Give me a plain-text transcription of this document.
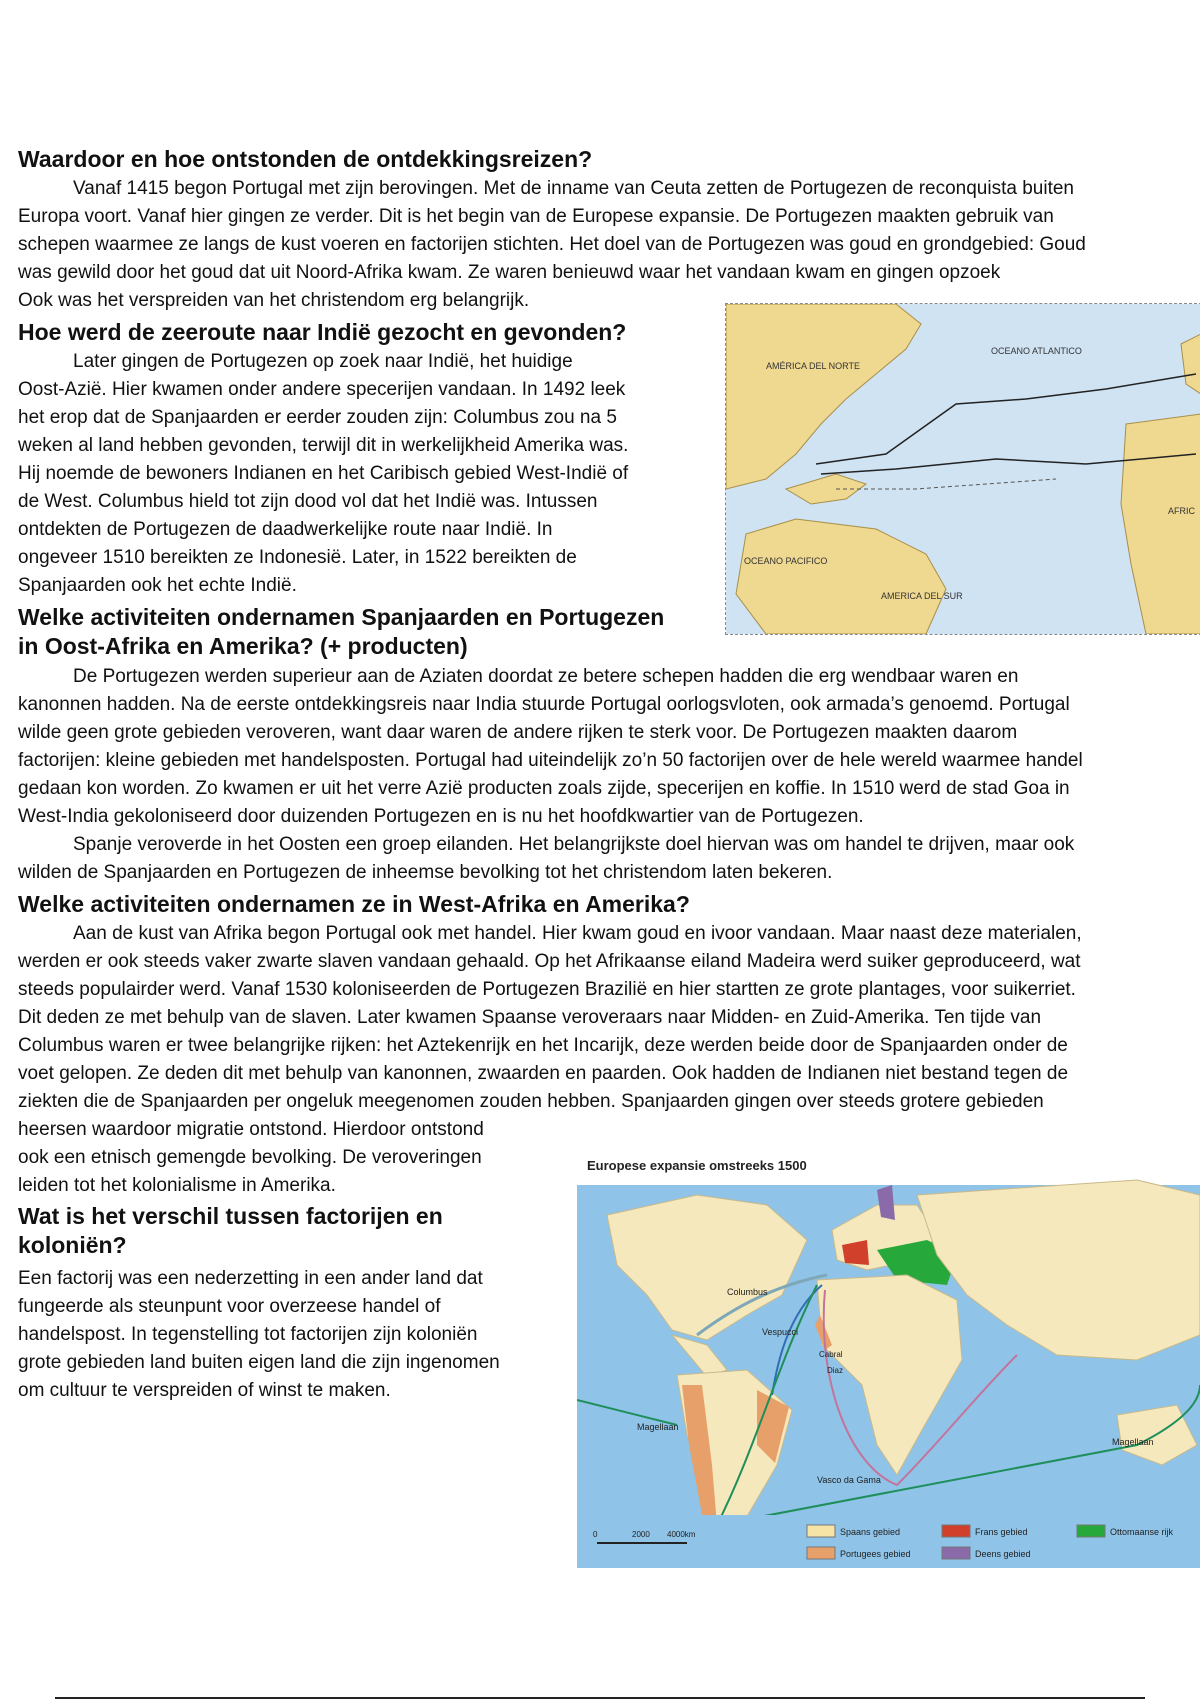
Waardoor en hoe ontstonden de ontdekkingsreizen?
Vanaf 1415 begon Portugal met zijn berovingen. Met de inname van Ceuta zetten de Portugezen de reconquista buiten
Europa voort. Vanaf hier gingen ze verder. Dit is het begin van de Europese expansie. De Portugezen maakten gebruik van
schepen waarmee ze langs de kust voeren en factorijen stichten. Het doel van de Portugezen was goud en grondgebied: Goud
was gewild door het goud dat uit Noord-Afrika kwam. Ze waren benieuwd waar het vandaan kwam en gingen opzoek
Ook was het verspreiden van het christendom erg belangrijk.
Hoe werd de zeeroute naar Indië gezocht en gevonden?
Later gingen de Portugezen op zoek naar Indië, het huidige
Oost-Azië. Hier kwamen onder andere specerijen vandaan. In 1492 leek
het erop dat de Spanjaarden er eerder zouden zijn: Columbus zou na 5
weken al land hebben gevonden, terwijl dit in werkelijkheid Amerika was.
Hij noemde de bewoners Indianen en het Caribisch gebied West-Indië of
de West. Columbus hield tot zijn dood vol dat het Indië was. Intussen
ontdekten de Portugezen de daadwerkelijke route naar Indië. In
ongeveer 1510 bereikten ze Indonesië. Later, in 1522 bereikten de
Spanjaarden ook het echte Indië.
AMÉRICA DEL NORTE
OCEANO ATLANTICO
OCEANO PACIFICO
AMERICA DEL SUR
AFRIC
Welke activiteiten ondernamen Spanjaarden en Portugezen
in Oost-Afrika en Amerika? (+ producten)
De Portugezen werden superieur aan de Aziaten doordat ze betere schepen hadden die erg wendbaar waren en
kanonnen hadden. Na de eerste ontdekkingsreis naar India stuurde Portugal oorlogsvloten, ook armada’s genoemd. Portugal
wilde geen grote gebieden veroveren, want daar waren de andere rijken te sterk voor. De Portugezen maakten daarom
factorijen: kleine gebieden met handelsposten. Portugal had uiteindelijk zo’n 50 factorijen over de hele wereld waarmee handel
gedaan kon worden. Zo kwamen er uit het verre Azië producten zoals zijde, specerijen en koffie. In 1510 werd de stad Goa in
West-India gekoloniseerd door duizenden Portugezen en is nu het hoofdkwartier van de Portugezen.
Spanje veroverde in het Oosten een groep eilanden. Het belangrijkste doel hiervan was om handel te drijven, maar ook
wilden de Spanjaarden en Portugezen de inheemse bevolking tot het christendom laten bekeren.
Welke activiteiten ondernamen ze in West-Afrika en Amerika?
Aan de kust van Afrika begon Portugal ook met handel. Hier kwam goud en ivoor vandaan. Maar naast deze materialen,
werden er ook steeds vaker zwarte slaven vandaan gehaald. Op het Afrikaanse eiland Madeira werd suiker geproduceerd, wat
steeds populairder werd. Vanaf 1530 koloniseerden de Portugezen Brazilië en hier startten ze grote plantages, voor suikerriet.
Dit deden ze met behulp van de slaven. Later kwamen Spaanse veroveraars naar Midden- en Zuid-Amerika. Ten tijde van
Columbus waren er twee belangrijke rijken: het Aztekenrijk en het Incarijk, deze werden beide door de Spanjaarden onder de
voet gelopen. Ze deden dit met behulp van kanonnen, zwaarden en paarden. Ook hadden de Indianen niet bestand tegen de
ziekten die de Spanjaarden per ongeluk meegenomen zouden hebben. Spanjaarden gingen over steeds grotere gebieden
heersen waardoor migratie ontstond. Hierdoor ontstond
ook een etnisch gemengde bevolking. De veroveringen
leiden tot het kolonialisme in Amerika.
Wat is het verschil tussen factorijen en
koloniën?
Een factorij was een nederzetting in een ander land dat
fungeerde als steunpunt voor overzeese handel of
handelspost. In tegenstelling tot factorijen zijn koloniën
grote gebieden land buiten eigen land die zijn ingenomen
om cultuur te verspreiden of winst te maken.
Europese expansie omstreeks 1500
Columbus
Vespucci
Magellaan
Magellaan
Vasco da Gama
Diaz
Cabral
0	2000 4000km	Spaans gebied
Portugees gebied
Frans gebied
Deens gebied
Ottomaanse rijk
